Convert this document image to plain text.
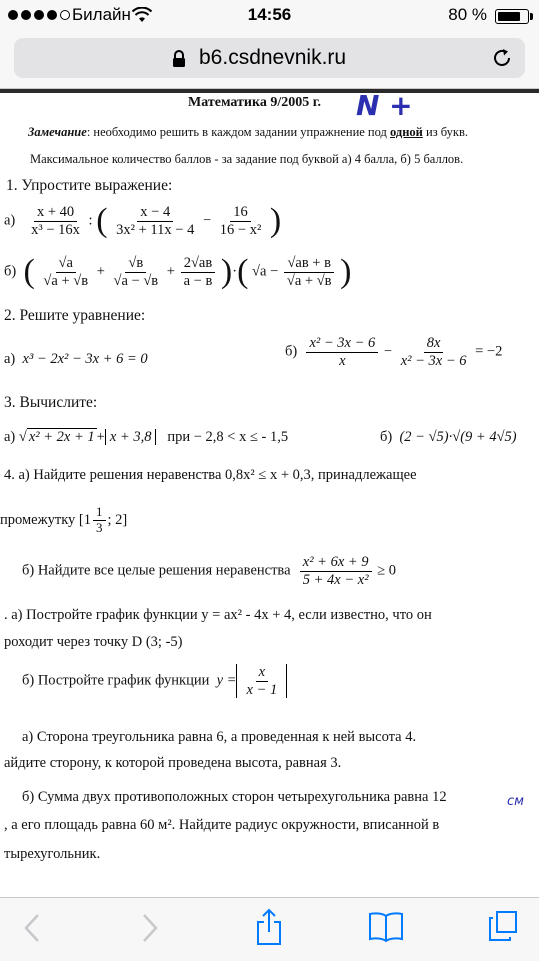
Билайн	14:56	80 %
b6.csdnevnik.ru
Математика 9/2005 г. N +
Замечание: необходимо решить в каждом задании упражнение под одной из букв.
Максимальное количество баллов - за задание под буквой а) 4 балла, б) 5 баллов.
1. Упростите выражение:
$а) \frac{x + 40}{\text{x³ − 16x}}$ : ( $\frac{x - 4}{\text{3x² + 11x − 4}} - \frac{16}{\text{16 − x²}}$ )
б) ( $\frac{√a}{√a + √в} + \frac{√в}{√a - √в} + \frac{2√aв}{a - в}$ )·( $√a - \frac{√aв + в}{√a + √в}$ )
2. Решите уравнение:
а) x³ − 2x² − 3x + 6 = 0	$б) \frac{\text{x² − 3x − 6}}{x} - \frac{8x}{\text{x² − 3x − 6}} = -2$
3. Вычислите:
а) √ x² + 2x + 1 + x + 3,8 при − 2,8 < x ≤ - 1,5	б) (2 − √5)·√(9 + 4√5)
4. а) Найдите решения неравенства 0,8x² ≤ x + 0,3, принадлежащее
промежутку [$1 \frac{1}{3}$ ; 2]
б) Найдите все целые решения неравенства $\frac{\text{x² + 6x + 9}}{\text{5 + 4x − x²}} \ge 0$
. а) Постройте график функции y = ax² - 4x + 4, если известно, что он
роходит через точку D (3; -5)
б) Постройте график функции $y = \frac{x}{x - 1}$
а) Сторона треугольника равна 6, а проведенная к ней высота 4.
айдите сторону, к которой проведена высота, равная 3.
б) Сумма двух противоположных сторон четырехугольника равна 12	см
, а его площадь равна 60 м². Найдите радиус окружности, вписанной в
тырехугольник.
